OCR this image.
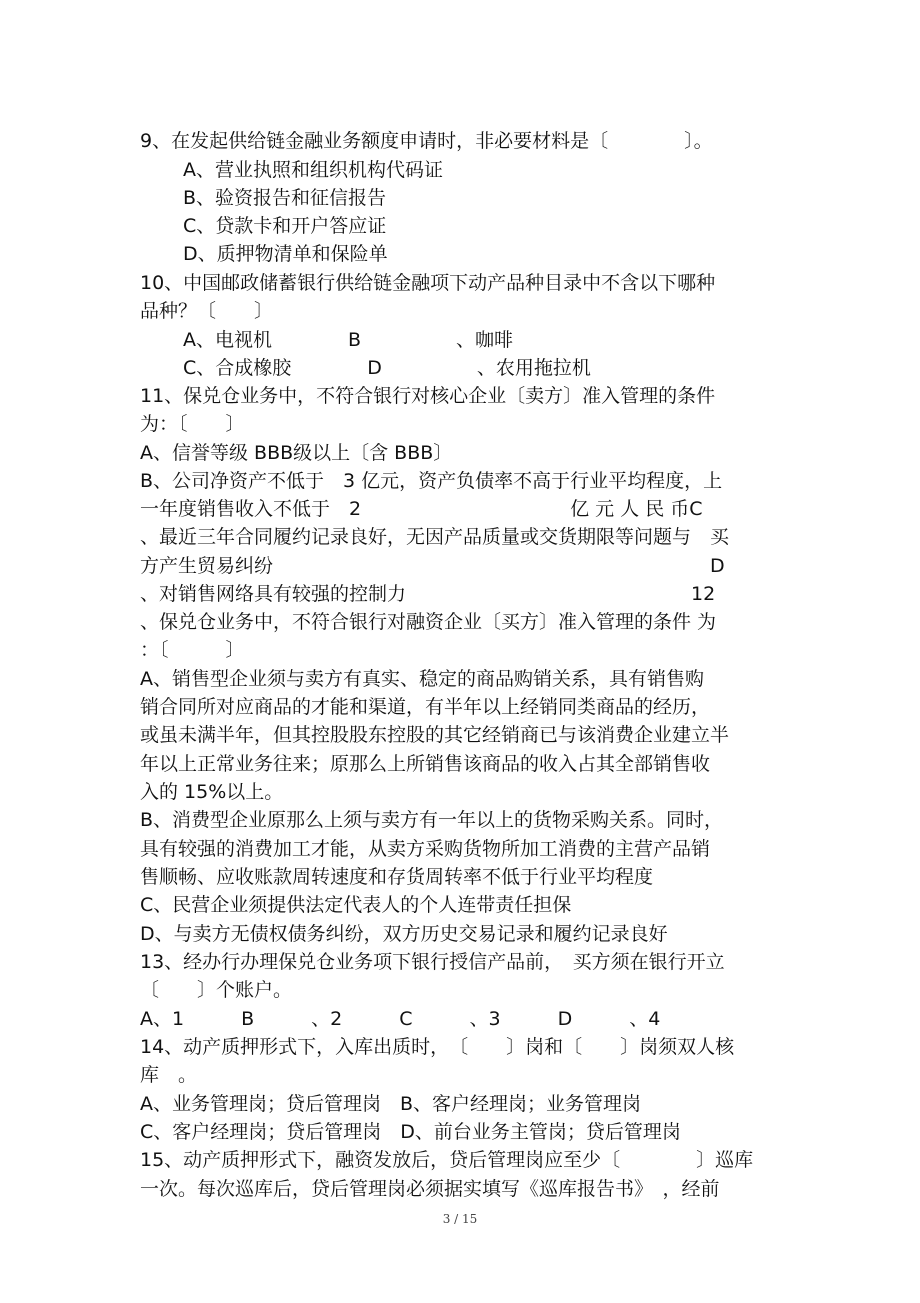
9、在发起供给链金融业务额度申请时，非必要材料是〔　　　　〕。
A、营业执照和组织机构代码证
B、验资报告和征信报告
C、贷款卡和开户答应证
D、质押物清单和保险单
10、中国邮政储蓄银行供给链金融项下动产品种目录中不含以下哪种
品种？〔　　〕
A、电视机　　　　B　　　　　、咖啡
C、合成橡胶　　　　D　　　　　、农用拖拉机
11、保兑仓业务中，不符合银行对核心企业〔卖方〕准入管理的条件
为：〔　　〕
A、信誉等级 BBB级以上〔含 BBB〕
B、公司净资产不低于　3 亿元，资产负债率不高于行业平均程度，上
一年度销售收入不低于　2　　　　　　　　　　　亿 元 人 民 币C
、最近三年合同履约记录良好，无因产品质量或交货期限等问题与　买
方产生贸易纠纷　　　　　　　　　　　　　　　　　　　　　　　D
、对销售网络具有较强的控制力　　　　　　　　　　　　　　　12
、保兑仓业务中，不符合银行对融资企业〔买方〕准入管理的条件 为
：〔　　　〕
A、销售型企业须与卖方有真实、稳定的商品购销关系，具有销售购
销合同所对应商品的才能和渠道，有半年以上经销同类商品的经历，
或虽未满半年，但其控股股东控股的其它经销商已与该消费企业建立半
年以上正常业务往来；原那么上所销售该商品的收入占其全部销售收
入的 15%以上。
B、消费型企业原那么上须与卖方有一年以上的货物采购关系。同时，
具有较强的消费加工才能，从卖方采购货物所加工消费的主营产品销
售顺畅、应收账款周转速度和存货周转率不低于行业平均程度
C、民营企业须提供法定代表人的个人连带责任担保
D、与卖方无债权债务纠纷，双方历史交易记录和履约记录良好
13、经办行办理保兑仓业务项下银行授信产品前，　买方须在银行开立
〔　　〕个账户。
A、1　　　B　　　、2　　　C　　　、3　　　D　　　、4
14、动产质押形式下，入库出质时，　〔　　〕岗和〔　　〕岗须双人核
库　。
A、业务管理岗；贷后管理岗　B、客户经理岗；业务管理岗
C、客户经理岗；贷后管理岗　D、前台业务主管岗；贷后管理岗
15、动产质押形式下，融资发放后，贷后管理岗应至少〔　　　　〕巡库
一次。每次巡库后，贷后管理岗必须据实填写《巡库报告书》　，经前
3 / 15
